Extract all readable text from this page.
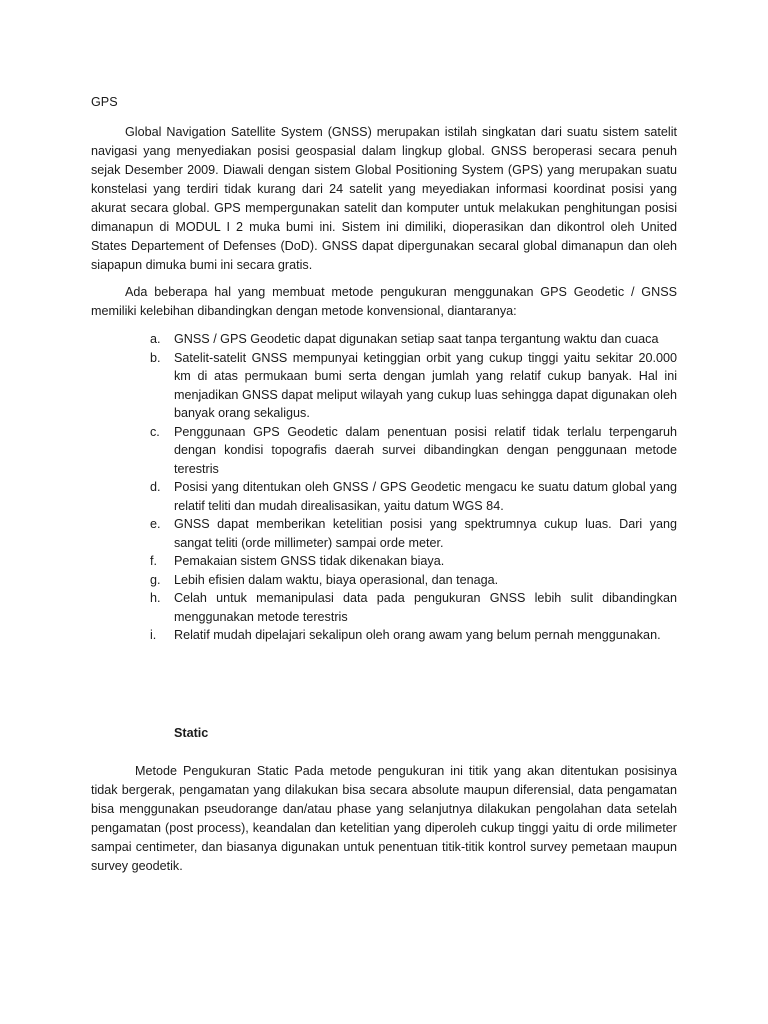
GPS

Global Navigation Satellite System (GNSS) merupakan istilah singkatan dari suatu sistem satelit navigasi yang menyediakan posisi geospasial dalam lingkup global. GNSS beroperasi secara penuh sejak Desember 2009. Diawali dengan sistem Global Positioning System (GPS) yang merupakan suatu konstelasi yang terdiri tidak kurang dari 24 satelit yang meyediakan informasi koordinat posisi yang akurat secara global. GPS mempergunakan satelit dan komputer untuk melakukan penghitungan posisi dimanapun di MODUL I 2 muka bumi ini. Sistem ini dimiliki, dioperasikan dan dikontrol oleh United States Departement of Defenses (DoD). GNSS dapat dipergunakan secaral global dimanapun dan oleh siapapun dimuka bumi ini secara gratis.

Ada beberapa hal yang membuat metode pengukuran menggunakan GPS Geodetic / GNSS memiliki kelebihan dibandingkan dengan metode konvensional, diantaranya:

a.	GNSS / GPS Geodetic dapat digunakan setiap saat tanpa tergantung waktu dan cuaca
b.	Satelit-satelit GNSS mempunyai ketinggian orbit yang cukup tinggi yaitu sekitar 20.000 km di atas permukaan bumi serta dengan jumlah yang relatif cukup banyak. Hal ini menjadikan GNSS dapat meliput wilayah yang cukup luas sehingga dapat digunakan oleh banyak orang sekaligus.
c.	Penggunaan GPS Geodetic dalam penentuan posisi relatif tidak terlalu terpengaruh dengan kondisi topografis daerah survei dibandingkan dengan penggunaan metode terestris
d.	Posisi yang ditentukan oleh GNSS / GPS Geodetic mengacu ke suatu datum global yang relatif teliti dan mudah direalisasikan, yaitu datum WGS 84.
e.	GNSS dapat memberikan ketelitian posisi yang spektrumnya cukup luas. Dari yang sangat teliti (orde millimeter) sampai orde meter.
f.	Pemakaian sistem GNSS tidak dikenakan biaya.
g.	Lebih efisien dalam waktu, biaya operasional, dan tenaga.
h.	Celah untuk memanipulasi data pada pengukuran GNSS lebih sulit dibandingkan menggunakan metode terestris
i.	Relatif mudah dipelajari sekalipun oleh orang awam yang belum pernah menggunakan.
Static

Metode Pengukuran Static Pada metode pengukuran ini titik yang akan ditentukan posisinya tidak bergerak, pengamatan yang dilakukan bisa secara absolute maupun diferensial, data pengamatan bisa menggunakan pseudorange dan/atau phase yang selanjutnya dilakukan pengolahan data setelah pengamatan (post process), keandalan dan ketelitian yang diperoleh cukup tinggi yaitu di orde milimeter sampai centimeter, dan biasanya digunakan untuk penentuan titik-titik kontrol survey pemetaan maupun survey geodetik.
